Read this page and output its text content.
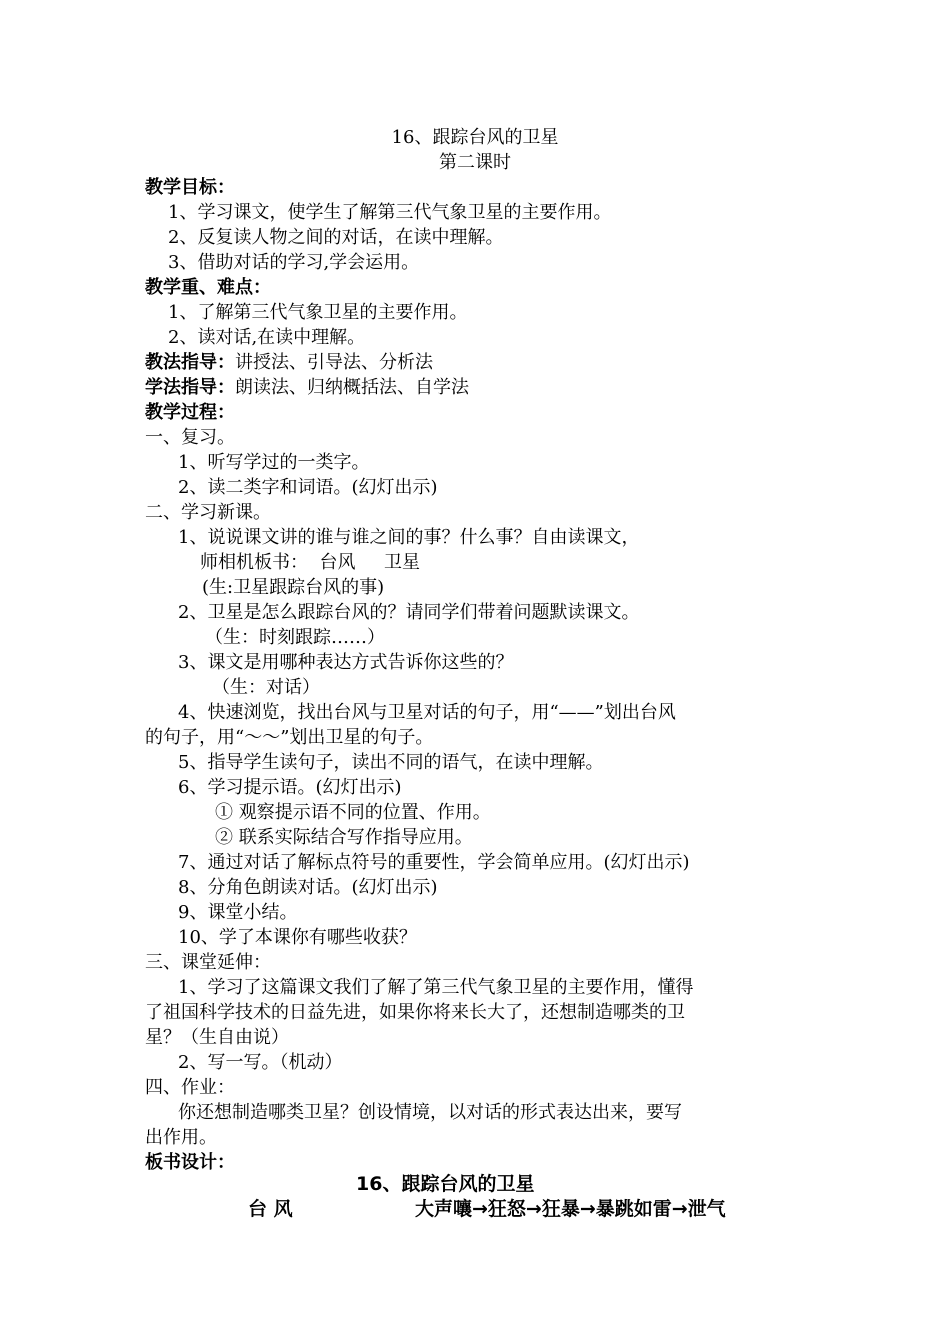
16、跟踪台风的卫星
第二课时
教学目标：
1、学习课文，使学生了解第三代气象卫星的主要作用。
2、反复读人物之间的对话，在读中理解。
3、借助对话的学习,学会运用。
教学重、难点：
1、了解第三代气象卫星的主要作用。
2、读对话,在读中理解。
教法指导：讲授法、引导法、分析法
学法指导：朗读法、归纳概括法、自学法
教学过程：
一、复习。
1、听写学过的一类字。
2、读二类字和词语。(幻灯出示)
二、学习新课。
1、说说课文讲的谁与谁之间的事？什么事？自由读课文，
师相机板书：  台风     卫星
(生:卫星跟踪台风的事)
2、卫星是怎么跟踪台风的？请同学们带着问题默读课文。
（生：时刻跟踪……）
3、课文是用哪种表达方式告诉你这些的？
（生：对话）
4、快速浏览，找出台风与卫星对话的句子，用“——”划出台风
的句子，用“～～”划出卫星的句子。
5、指导学生读句子，读出不同的语气，在读中理解。
6、学习提示语。(幻灯出示)
① 观察提示语不同的位置、作用。
② 联系实际结合写作指导应用。
7、通过对话了解标点符号的重要性，学会简单应用。(幻灯出示)
8、分角色朗读对话。(幻灯出示)
9、课堂小结。
10、学了本课你有哪些收获？
三、课堂延伸：
1、学习了这篇课文我们了解了第三代气象卫星的主要作用，懂得
了祖国科学技术的日益先进，如果你将来长大了，还想制造哪类的卫
星？（生自由说）
2、写一写。（机动）
四、作业：
你还想制造哪类卫星？创设情境，以对话的形式表达出来，要写
出作用。
板书设计：
16、跟踪台风的卫星
台 风	大声嚷→狂怒→狂暴→暴跳如雷→泄气
